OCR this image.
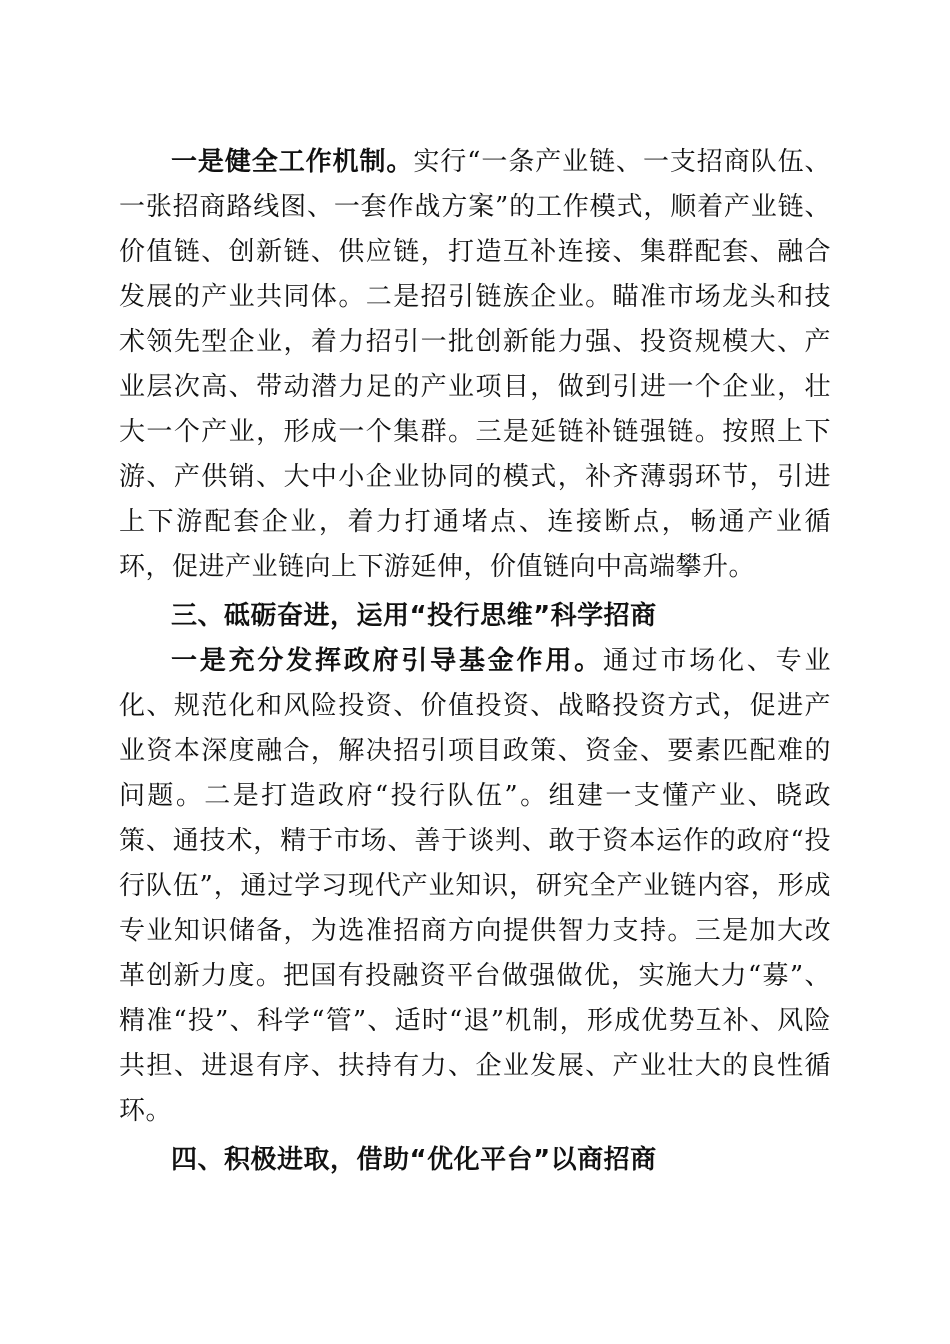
一是健全工作机制。实行“一条产业链、一支招商队伍、一张招商路线图、一套作战方案”的工作模式，顺着产业链、价值链、创新链、供应链，打造互补连接、集群配套、融合发展的产业共同体。二是招引链族企业。瞄准市场龙头和技术领先型企业，着力招引一批创新能力强、投资规模大、产业层次高、带动潜力足的产业项目，做到引进一个企业，壮大一个产业，形成一个集群。三是延链补链强链。按照上下游、产供销、大中小企业协同的模式，补齐薄弱环节，引进上下游配套企业，着力打通堵点、连接断点，畅通产业循环，促进产业链向上下游延伸，价值链向中高端攀升。

三、砥砺奋进，运用“投行思维”科学招商

一是充分发挥政府引导基金作用。通过市场化、专业化、规范化和风险投资、价值投资、战略投资方式，促进产业资本深度融合，解决招引项目政策、资金、要素匹配难的问题。二是打造政府“投行队伍”。组建一支懂产业、晓政策、通技术，精于市场、善于谈判、敢于资本运作的政府“投行队伍”，通过学习现代产业知识，研究全产业链内容，形成专业知识储备，为选准招商方向提供智力支持。三是加大改革创新力度。把国有投融资平台做强做优，实施大力“募”、精准“投”、科学“管”、适时“退”机制，形成优势互补、风险共担、进退有序、扶持有力、企业发展、产业壮大的良性循环。

四、积极进取，借助“优化平台”以商招商
